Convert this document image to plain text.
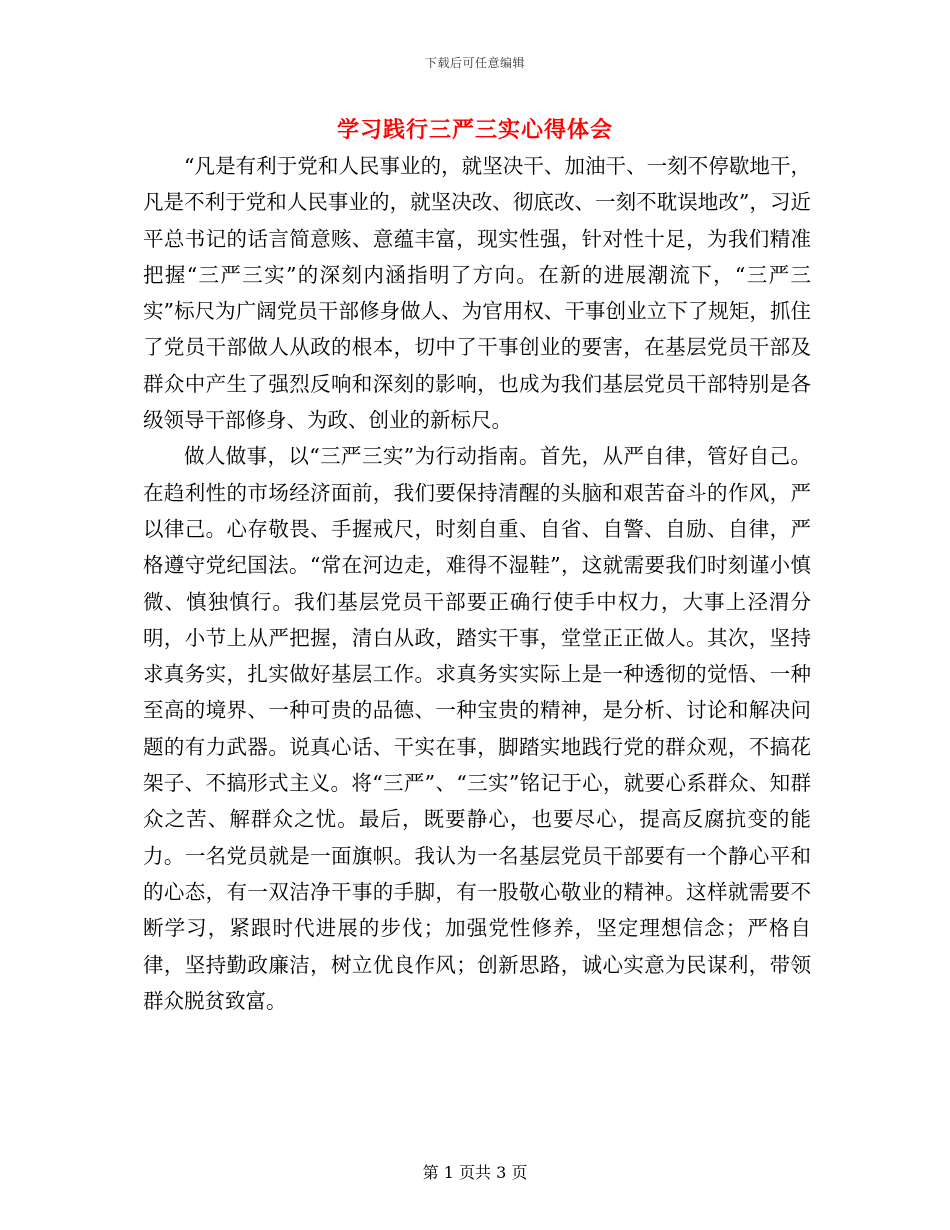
下载后可任意编辑
学习践行三严三实心得体会

“凡是有利于党和人民事业的，就坚决干、加油干、一刻不停歇地干，凡是不利于党和人民事业的，就坚决改、彻底改、一刻不耽误地改”，习近平总书记的话言简意赅、意蕴丰富，现实性强，针对性十足，为我们精准把握“三严三实”的深刻内涵指明了方向。在新的进展潮流下，“三严三实”标尺为广阔党员干部修身做人、为官用权、干事创业立下了规矩，抓住了党员干部做人从政的根本，切中了干事创业的要害，在基层党员干部及群众中产生了强烈反响和深刻的影响，也成为我们基层党员干部特别是各级领导干部修身、为政、创业的新标尺。

做人做事，以“三严三实”为行动指南。首先，从严自律，管好自己。在趋利性的市场经济面前，我们要保持清醒的头脑和艰苦奋斗的作风，严以律己。心存敬畏、手握戒尺，时刻自重、自省、自警、自励、自律，严格遵守党纪国法。“常在河边走，难得不湿鞋”，这就需要我们时刻谨小慎微、慎独慎行。我们基层党员干部要正确行使手中权力，大事上泾渭分明，小节上从严把握，清白从政，踏实干事，堂堂正正做人。其次，坚持求真务实，扎实做好基层工作。求真务实实际上是一种透彻的觉悟、一种至高的境界、一种可贵的品德、一种宝贵的精神，是分析、讨论和解决问题的有力武器。说真心话、干实在事，脚踏实地践行党的群众观，不搞花架子、不搞形式主义。将“三严”、“三实”铭记于心，就要心系群众、知群众之苦、解群众之忧。最后，既要静心，也要尽心，提高反腐抗变的能力。一名党员就是一面旗帜。我认为一名基层党员干部要有一个静心平和的心态，有一双洁净干事的手脚，有一股敬心敬业的精神。这样就需要不断学习，紧跟时代进展的步伐；加强党性修养，坚定理想信念；严格自律，坚持勤政廉洁，树立优良作风；创新思路，诚心实意为民谋利，带领群众脱贫致富。

第 1 页共 3 页
